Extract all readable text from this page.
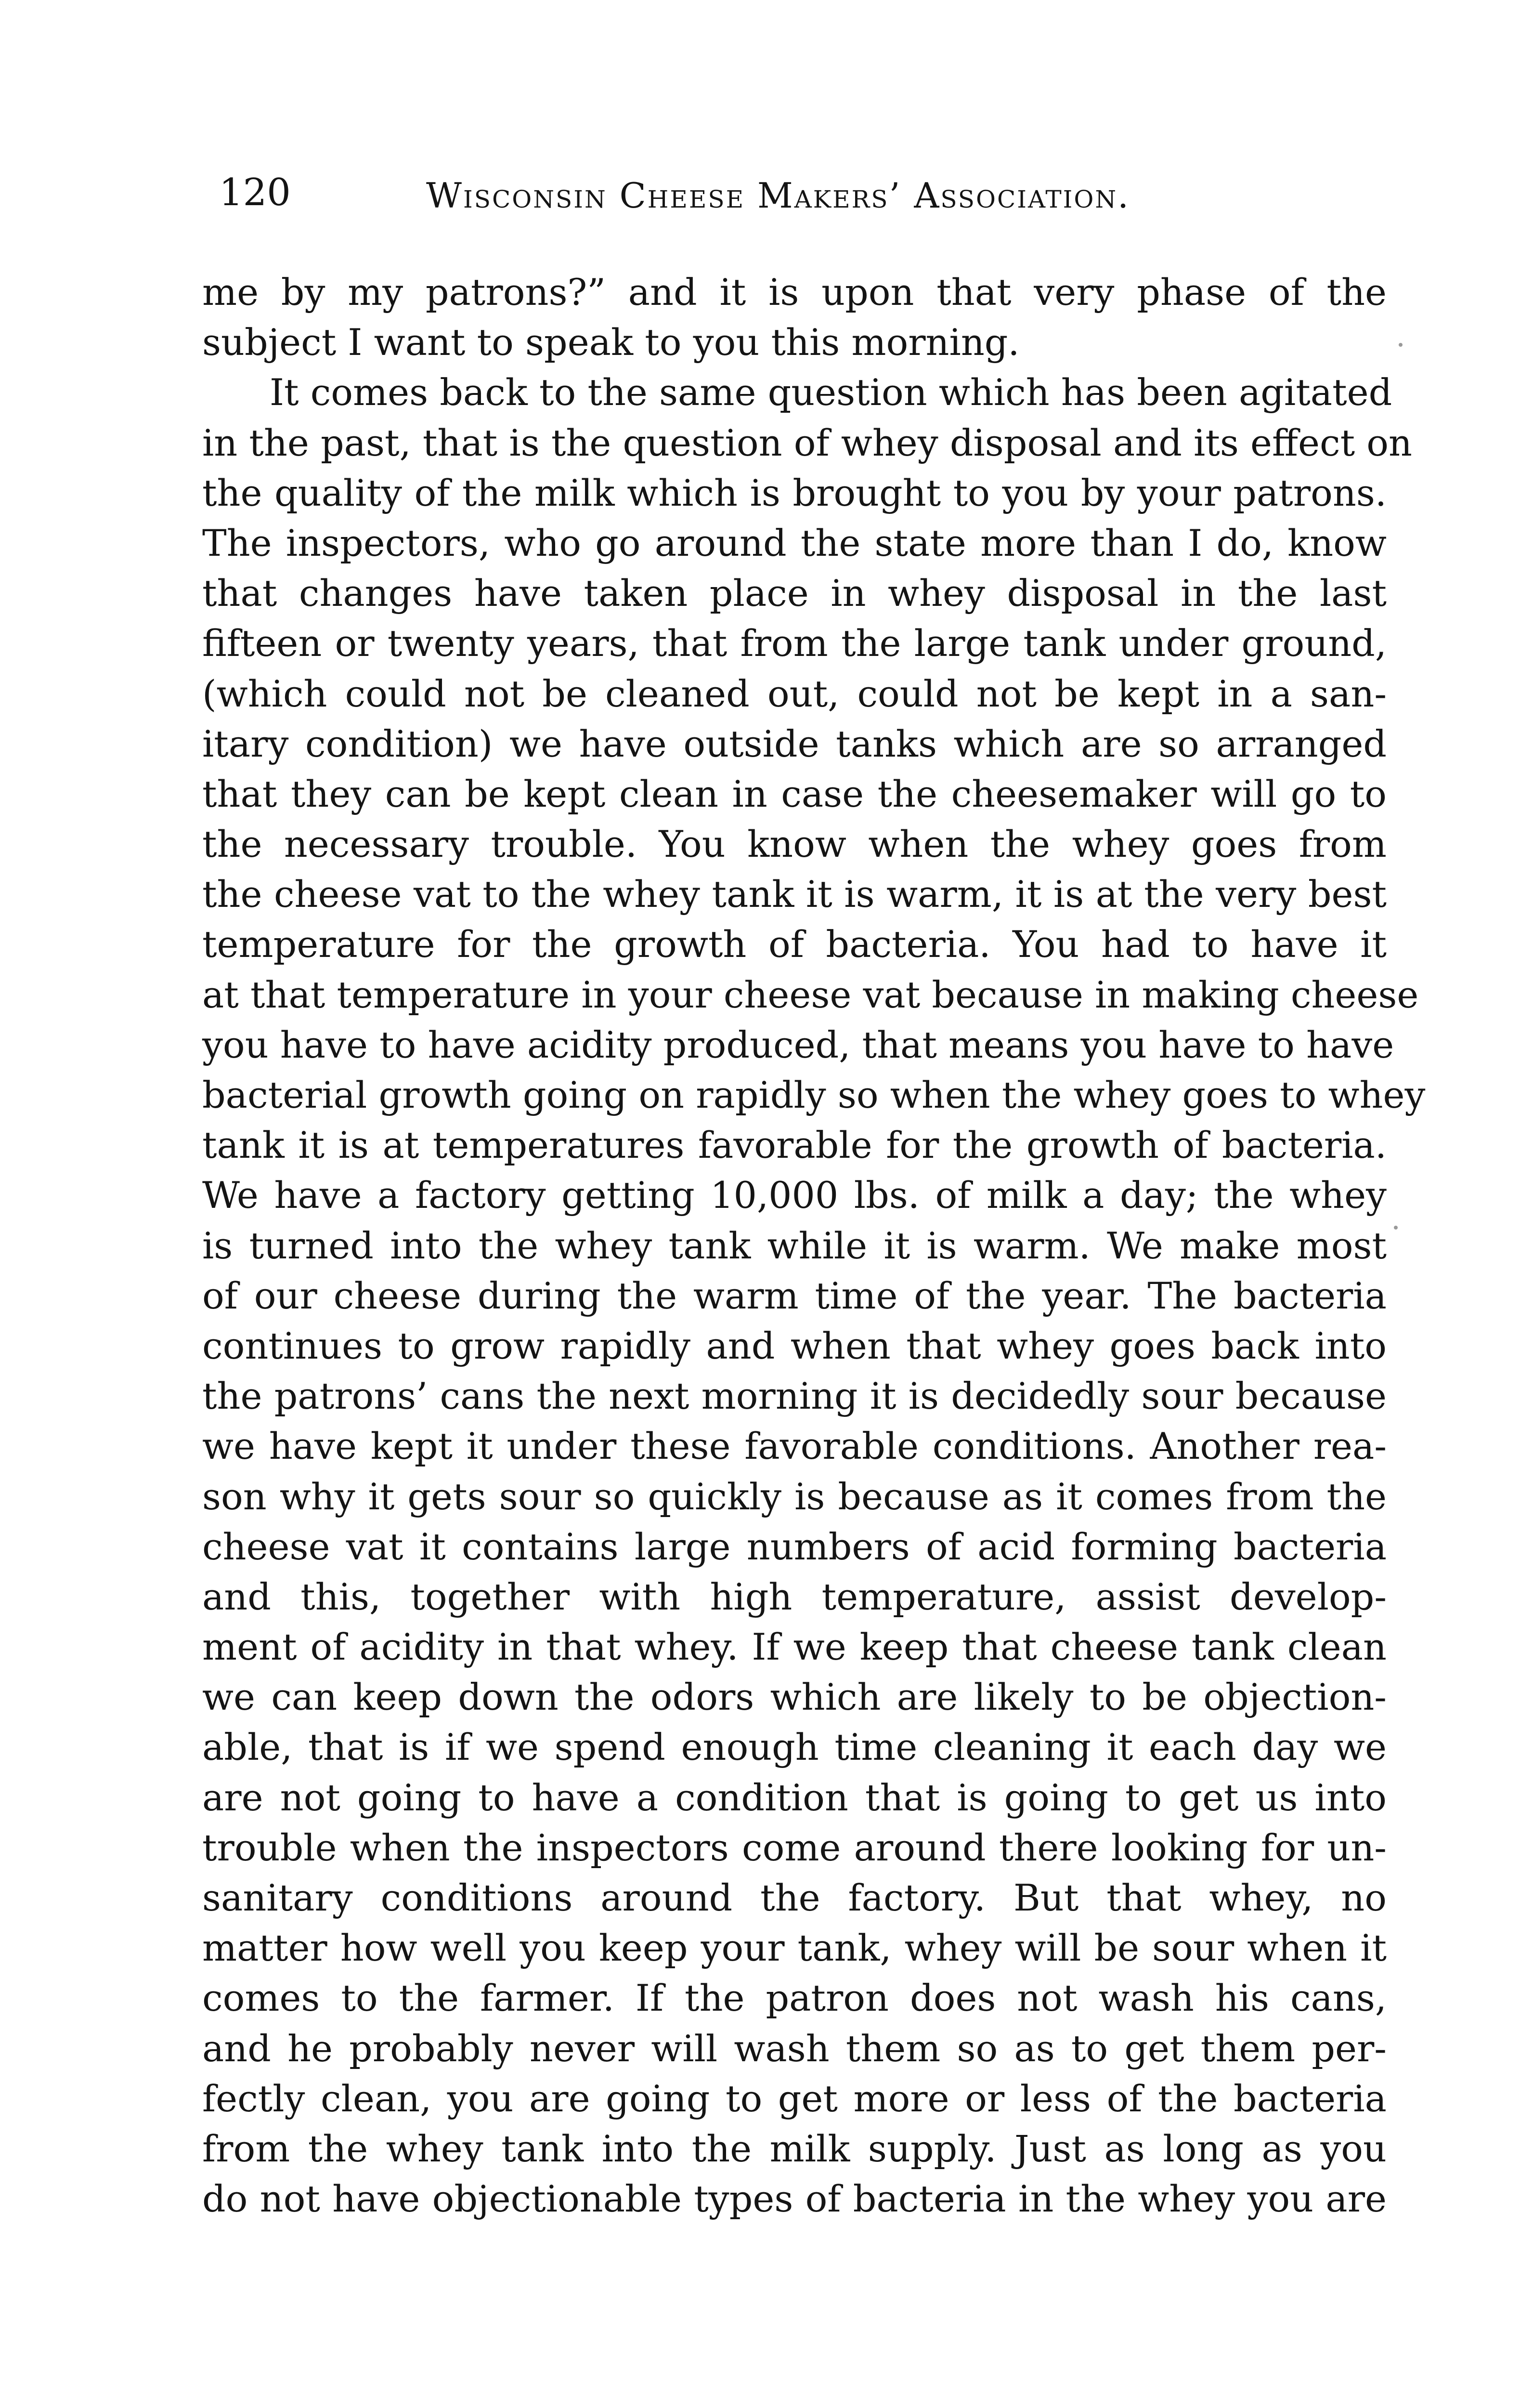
120	Wisconsin Cheese Makers’ Association.
me by my patrons?” and it is upon that very phase of the
subject I want to speak to you this morning.
It comes back to the same question which has been agitated
in the past, that is the question of whey disposal and its effect on
the quality of the milk which is brought to you by your patrons.
The inspectors, who go around the state more than I do, know
that changes have taken place in whey disposal in the last
fifteen or twenty years, that from the large tank under ground,
(which could not be cleaned out, could not be kept in a san-
itary condition) we have outside tanks which are so arranged
that they can be kept clean in case the cheesemaker will go to
the necessary trouble. You know when the whey goes from
the cheese vat to the whey tank it is warm, it is at the very best
temperature for the growth of bacteria. You had to have it
at that temperature in your cheese vat because in making cheese
you have to have acidity produced, that means you have to have
bacterial growth going on rapidly so when the whey goes to whey
tank it is at temperatures favorable for the growth of bacteria.
We have a factory getting 10,000 lbs. of milk a day; the whey
is turned into the whey tank while it is warm. We make most
of our cheese during the warm time of the year. The bacteria
continues to grow rapidly and when that whey goes back into
the patrons’ cans the next morning it is decidedly sour because
we have kept it under these favorable conditions. Another rea-
son why it gets sour so quickly is because as it comes from the
cheese vat it contains large numbers of acid forming bacteria
and this, together with high temperature, assist develop-
ment of acidity in that whey. If we keep that cheese tank clean
we can keep down the odors which are likely to be objection-
able, that is if we spend enough time cleaning it each day we
are not going to have a condition that is going to get us into
trouble when the inspectors come around there looking for un-
sanitary conditions around the factory. But that whey, no
matter how well you keep your tank, whey will be sour when it
comes to the farmer. If the patron does not wash his cans,
and he probably never will wash them so as to get them per-
fectly clean, you are going to get more or less of the bacteria
from the whey tank into the milk supply. Just as long as you
do not have objectionable types of bacteria in the whey you are
